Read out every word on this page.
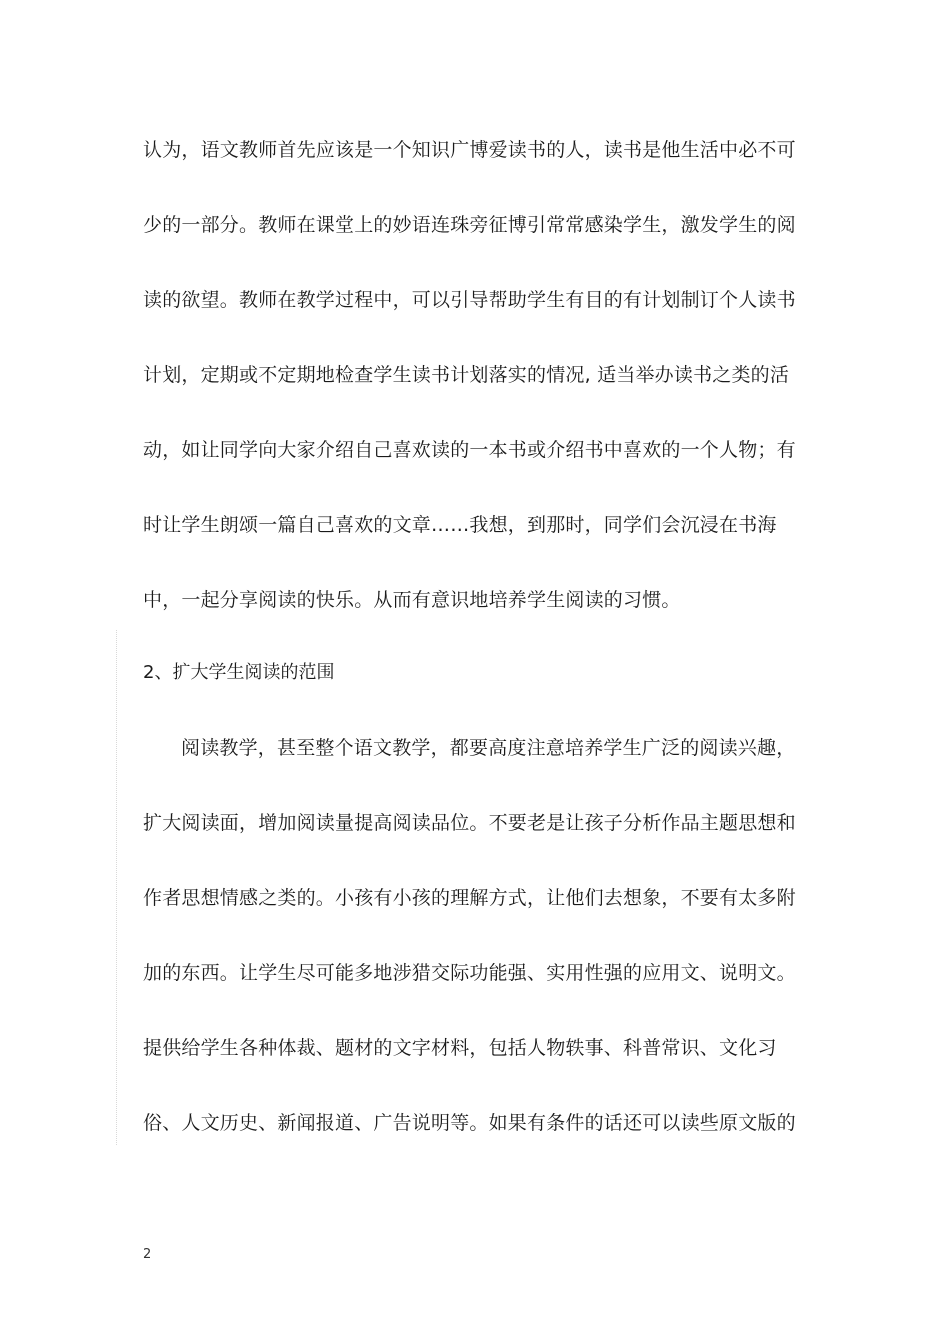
认为，语文教师首先应该是一个知识广博爱读书的人，读书是他生活中必不可
少的一部分。教师在课堂上的妙语连珠旁征博引常常感染学生，激发学生的阅
读的欲望。教师在教学过程中，可以引导帮助学生有目的有计划制订个人读书
计划，定期或不定期地检查学生读书计划落实的情况, 适当举办读书之类的活
动，如让同学向大家介绍自己喜欢读的一本书或介绍书中喜欢的一个人物；有
时让学生朗颂一篇自己喜欢的文章……我想，到那时，同学们会沉浸在书海
中，一起分享阅读的快乐。从而有意识地培养学生阅读的习惯。
2、扩大学生阅读的范围
阅读教学，甚至整个语文教学，都要高度注意培养学生广泛的阅读兴趣，
扩大阅读面，增加阅读量提高阅读品位。不要老是让孩子分析作品主题思想和
作者思想情感之类的。小孩有小孩的理解方式，让他们去想象，不要有太多附
加的东西。让学生尽可能多地涉猎交际功能强、实用性强的应用文、说明文。
提供给学生各种体裁、题材的文字材料，包括人物轶事、科普常识、文化习
俗、人文历史、新闻报道、广告说明等。如果有条件的话还可以读些原文版的
2
